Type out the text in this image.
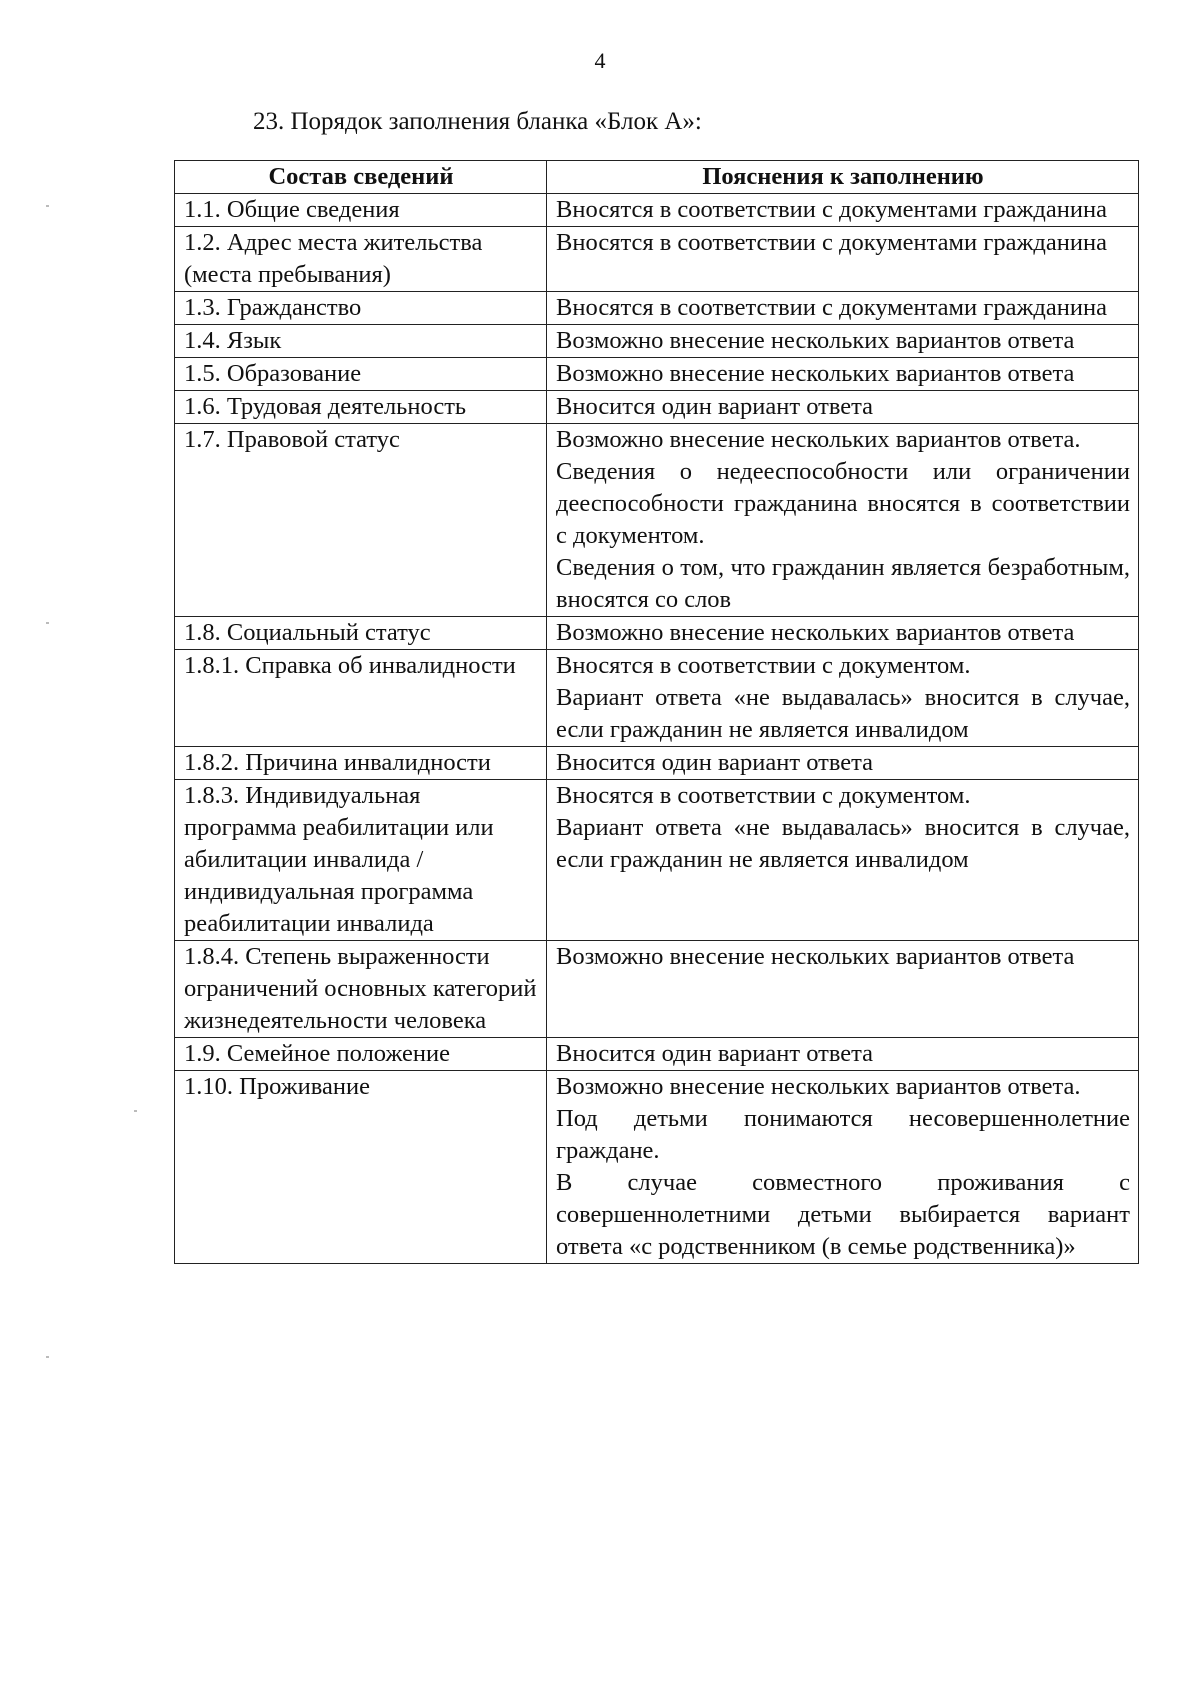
4
23. Порядок заполнения бланка «Блок А»:
Состав сведений	Пояснения к заполнению
1.1. Общие сведения	Вносятся в соответствии с документами гражданина

1.2. Адрес места жительства (места пребывания)	Вносятся в соответствии с документами гражданина

1.3. Гражданство	Вносятся в соответствии с документами гражданина

1.4. Язык	Возможно внесение нескольких вариантов ответа

1.5. Образование	Возможно внесение нескольких вариантов ответа

1.6. Трудовая деятельность	Вносится один вариант ответа

1.7. Правовой статус	Возможно внесение нескольких вариантов ответа.
Сведения о недееспособности или ограничении дееспособности гражданина вносятся в соответствии с документом.
Сведения о том, что гражданин является безработным, вносятся со слов

1.8. Социальный статус	Возможно внесение нескольких вариантов ответа

1.8.1. Справка об инвалидности	Вносятся в соответствии с документом.
Вариант ответа «не выдавалась» вносится в случае, если гражданин не является инвалидом

1.8.2. Причина инвалидности	Вносится один вариант ответа

1.8.3. Индивидуальная программа реабилитации или абилитации инвалида / индивидуальная программа реабилитации инвалида	Вносятся в соответствии с документом.
Вариант ответа «не выдавалась» вносится в случае, если гражданин не является инвалидом

1.8.4. Степень выраженности ограничений основных категорий жизнедеятельности человека	Возможно внесение нескольких вариантов ответа

1.9. Семейное положение	Вносится один вариант ответа

1.10. Проживание	Возможно внесение нескольких вариантов ответа.
Под детьми понимаются несовершеннолетние граждане.
В случае совместного проживания с совершеннолетними детьми выбирается вариант ответа «с родственником (в семье родственника)»
